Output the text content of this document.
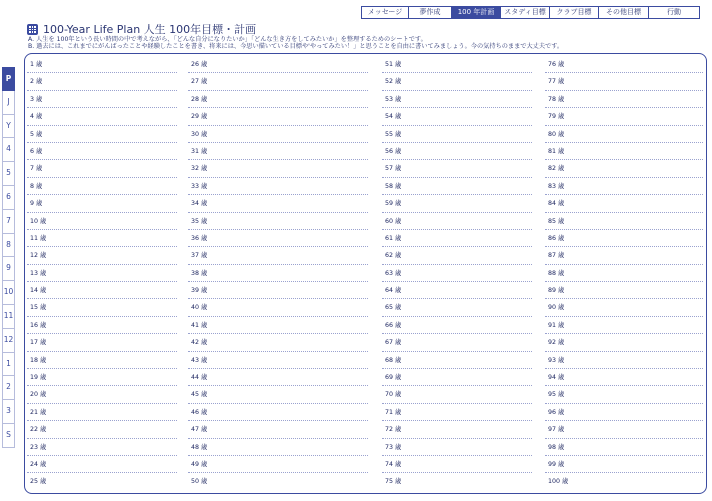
メッセージ	夢作成	100 年計画	スタディ目標	クラブ目標	その他目標	行動
100-Year Life Plan 人生 100年目標・計画
A. 人生を 100年という長い時間の中で考えながら、「どんな自分になりたいか」「どんな生き方をしてみたいか」を整理するためのシートです。
B. 過去には、これまでにがんばったことや経験したことを書き、将来には、今思い描いている目標や'やってみたい！」と思うことを自由に書いてみましょう。今の気持ちのままで大丈夫です。
P
J
Y
4
5
6
7
8
9
10
11
12
1
2
3
S
1 歳
2 歳
3 歳
4 歳
5 歳
6 歳
7 歳
8 歳
9 歳
10 歳
11 歳
12 歳
13 歳
14 歳
15 歳
16 歳
17 歳
18 歳
19 歳
20 歳
21 歳
22 歳
23 歳
24 歳
25 歳
26 歳
27 歳
28 歳
29 歳
30 歳
31 歳
32 歳
33 歳
34 歳
35 歳
36 歳
37 歳
38 歳
39 歳
40 歳
41 歳
42 歳
43 歳
44 歳
45 歳
46 歳
47 歳
48 歳
49 歳
50 歳
51 歳
52 歳
53 歳
54 歳
55 歳
56 歳
57 歳
58 歳
59 歳
60 歳
61 歳
62 歳
63 歳
64 歳
65 歳
66 歳
67 歳
68 歳
69 歳
70 歳
71 歳
72 歳
73 歳
74 歳
75 歳
76 歳
77 歳
78 歳
79 歳
80 歳
81 歳
82 歳
83 歳
84 歳
85 歳
86 歳
87 歳
88 歳
89 歳
90 歳
91 歳
92 歳
93 歳
94 歳
95 歳
96 歳
97 歳
98 歳
99 歳
100 歳
